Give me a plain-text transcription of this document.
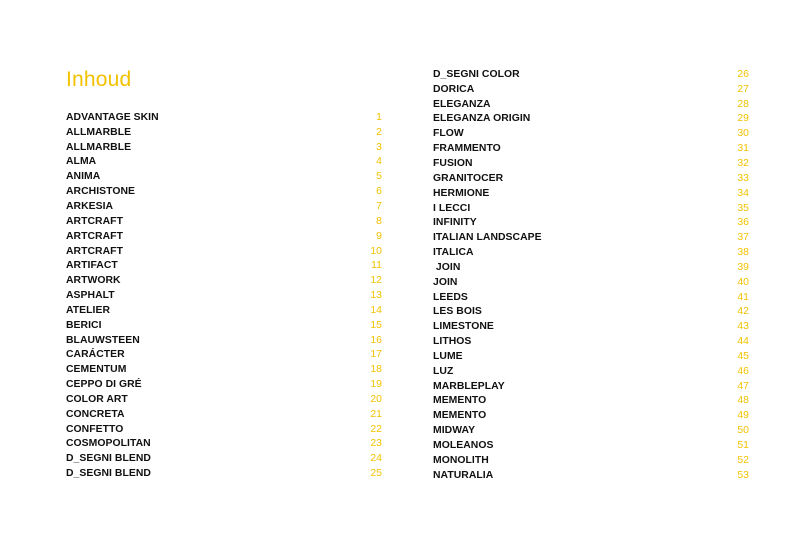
Inhoud
ADVANTAGE SKIN	1
ALLMARBLE	2
ALLMARBLE	3
ALMA	4
ANIMA	5
ARCHISTONE	6
ARKESIA	7
ARTCRAFT	8
ARTCRAFT	9
ARTCRAFT	10
ARTIFACT	11
ARTWORK	12
ASPHALT	13
ATELIER	14
BERICI	15
BLAUWSTEEN	16
CARÁCTER	17
CEMENTUM	18
CEPPO DI GRÉ	19
COLOR ART	20
CONCRETA	21
CONFETTO	22
COSMOPOLITAN	23
D_SEGNI BLEND	24
D_SEGNI BLEND	25
D_SEGNI COLOR	26
DORICA	27
ELEGANZA	28
ELEGANZA ORIGIN	29
FLOW	30
FRAMMENTO	31
FUSION	32
GRANITOCER	33
HERMIONE	34
I LECCI	35
INFINITY	36
ITALIAN LANDSCAPE	37
ITALICA	38
JOIN	39
JOIN	40
LEEDS	41
LES BOIS	42
LIMESTONE	43
LITHOS	44
LUME	45
LUZ	46
MARBLEPLAY	47
MEMENTO	48
MEMENTO	49
MIDWAY	50
MOLEANOS	51
MONOLITH	52
NATURALIA	53
